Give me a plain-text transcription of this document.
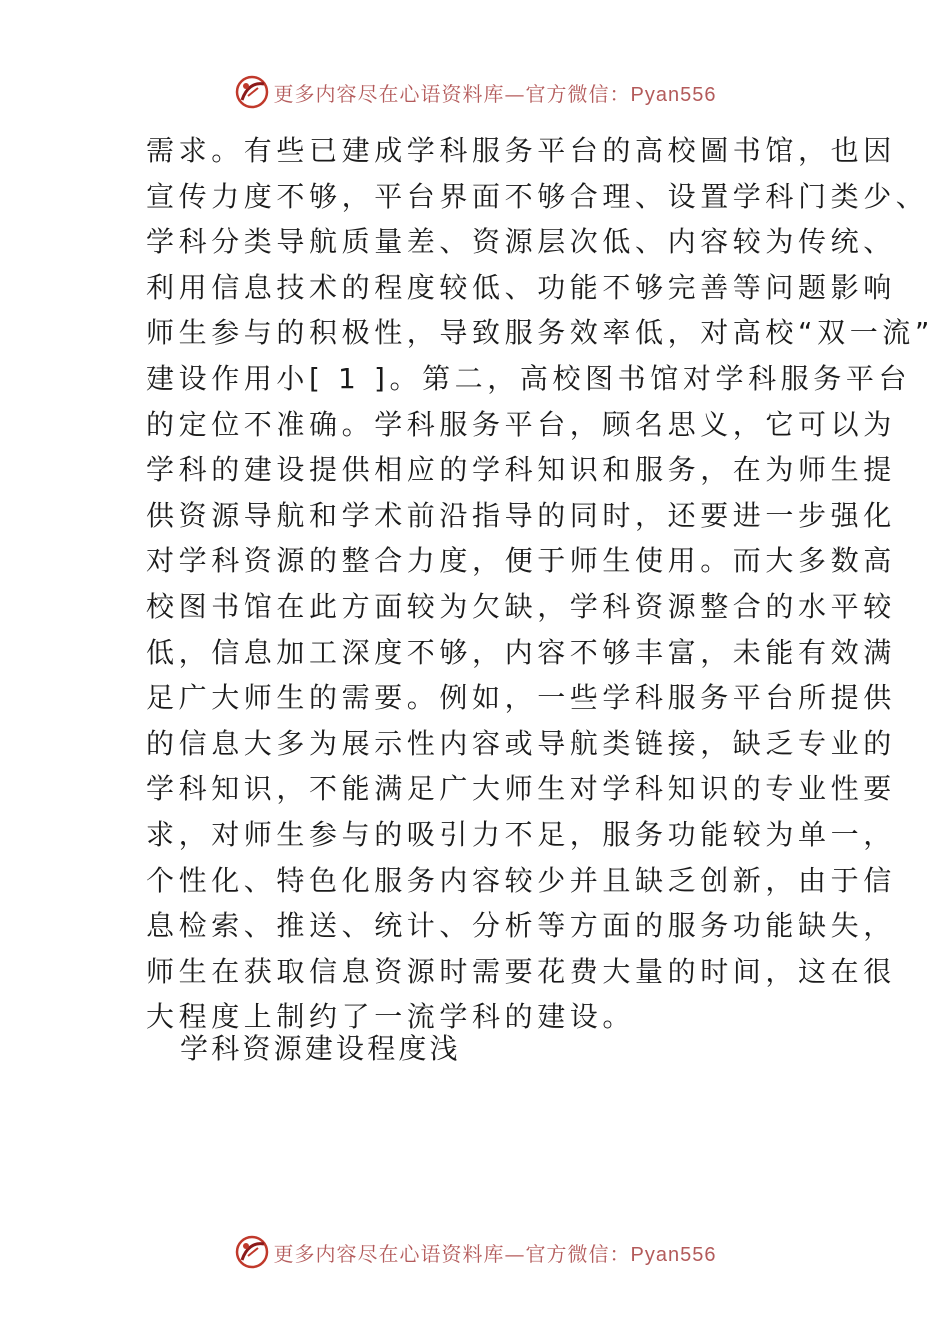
更多内容尽在心语资料库—官方微信：Pyan556
需求。有些已建成学科服务平台的高校圖书馆，也因
宣传力度不够，平台界面不够合理、设置学科门类少、
学科分类导航质量差、资源层次低、内容较为传统、
利用信息技术的程度较低、功能不够完善等问题影响
师生参与的积极性，导致服务效率低，对高校“双一流”
建设作用小[ 1 ]。第二，高校图书馆对学科服务平台
的定位不准确。学科服务平台，顾名思义，它可以为
学科的建设提供相应的学科知识和服务，在为师生提
供资源导航和学术前沿指导的同时，还要进一步强化
对学科资源的整合力度，便于师生使用。而大多数高
校图书馆在此方面较为欠缺，学科资源整合的水平较
低，信息加工深度不够，内容不够丰富，未能有效满
足广大师生的需要。例如，一些学科服务平台所提供
的信息大多为展示性内容或导航类链接，缺乏专业的
学科知识，不能满足广大师生对学科知识的专业性要
求，对师生参与的吸引力不足，服务功能较为单一，
个性化、特色化服务内容较少并且缺乏创新，由于信
息检索、推送、统计、分析等方面的服务功能缺失，
师生在获取信息资源时需要花费大量的时间，这在很
大程度上制约了一流学科的建设。
学科资源建设程度浅
更多内容尽在心语资料库—官方微信：Pyan556
